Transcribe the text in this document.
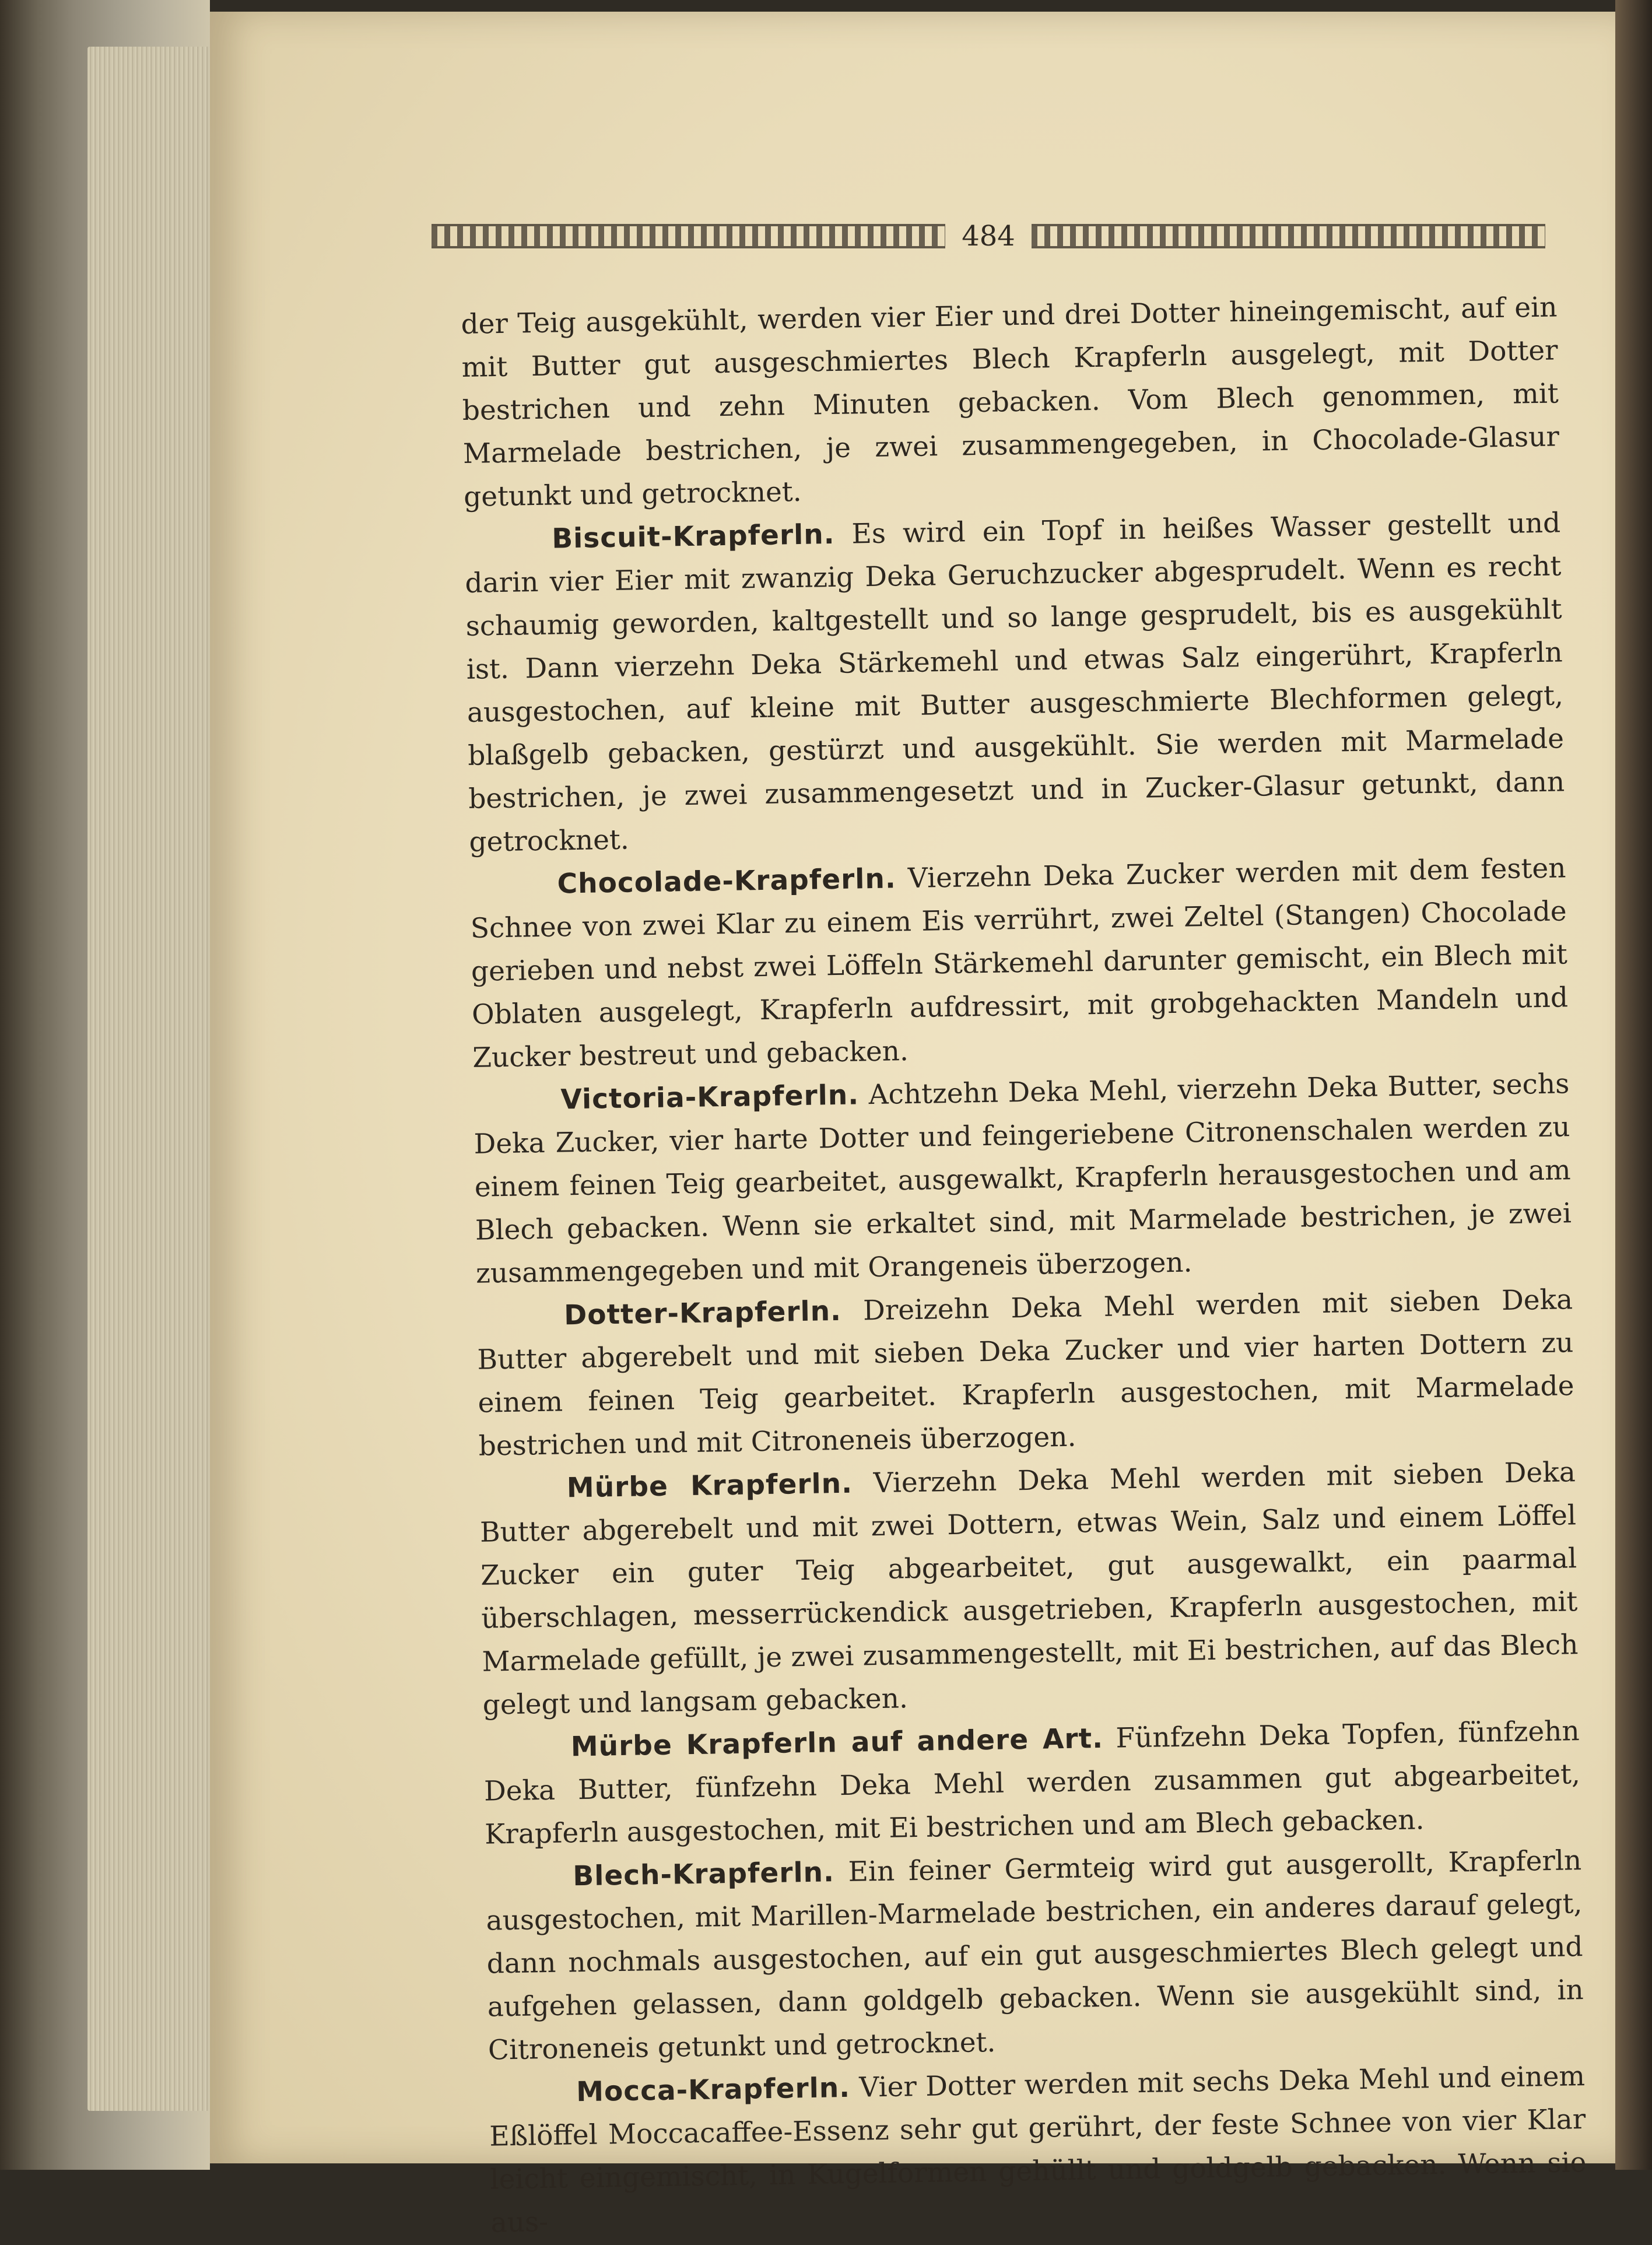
484

der Teig ausgekühlt, werden vier Eier und drei Dotter hineingemischt, auf ein mit Butter gut ausgeschmiertes Blech Krapferln ausgelegt, mit Dotter bestrichen und zehn Minuten gebacken. Vom Blech genommen, mit Marmelade bestrichen, je zwei zusammengegeben, in Chocolade-Glasur getunkt und getrocknet.

Biscuit-Krapferln. Es wird ein Topf in heißes Wasser gestellt und darin vier Eier mit zwanzig Deka Geruchzucker abgesprudelt. Wenn es recht schaumig geworden, kaltgestellt und so lange gesprudelt, bis es ausgekühlt ist. Dann vierzehn Deka Stärkemehl und etwas Salz eingerührt, Krapferln ausgestochen, auf kleine mit Butter ausgeschmierte Blechformen gelegt, blaßgelb gebacken, gestürzt und ausgekühlt. Sie werden mit Marmelade bestrichen, je zwei zusammengesetzt und in Zucker-Glasur getunkt, dann getrocknet.

Chocolade-Krapferln. Vierzehn Deka Zucker werden mit dem festen Schnee von zwei Klar zu einem Eis verrührt, zwei Zeltel (Stangen) Chocolade gerieben und nebst zwei Löffeln Stärkemehl darunter gemischt, ein Blech mit Oblaten ausgelegt, Krapferln aufdressirt, mit grobgehackten Mandeln und Zucker bestreut und gebacken.

Victoria-Krapferln. Achtzehn Deka Mehl, vierzehn Deka Butter, sechs Deka Zucker, vier harte Dotter und feingeriebene Citronenschalen werden zu einem feinen Teig gearbeitet, ausgewalkt, Krapferln herausgestochen und am Blech gebacken. Wenn sie erkaltet sind, mit Marmelade bestrichen, je zwei zusammengegeben und mit Orangeneis überzogen.

Dotter-Krapferln. Dreizehn Deka Mehl werden mit sieben Deka Butter abgerebelt und mit sieben Deka Zucker und vier harten Dottern zu einem feinen Teig gearbeitet. Krapferln ausgestochen, mit Marmelade bestrichen und mit Citroneneis überzogen.

Mürbe Krapferln. Vierzehn Deka Mehl werden mit sieben Deka Butter abgerebelt und mit zwei Dottern, etwas Wein, Salz und einem Löffel Zucker ein guter Teig abgearbeitet, gut ausgewalkt, ein paarmal überschlagen, messerrückendick ausgetrieben, Krapferln ausgestochen, mit Marmelade gefüllt, je zwei zusammengestellt, mit Ei bestrichen, auf das Blech gelegt und langsam gebacken.

Mürbe Krapferln auf andere Art. Fünfzehn Deka Topfen, fünfzehn Deka Butter, fünfzehn Deka Mehl werden zusammen gut abgearbeitet, Krapferln ausgestochen, mit Ei bestrichen und am Blech gebacken.

Blech-Krapferln. Ein feiner Germteig wird gut ausgerollt, Krapferln ausgestochen, mit Marillen-Marmelade bestrichen, ein anderes darauf gelegt, dann nochmals ausgestochen, auf ein gut ausgeschmiertes Blech gelegt und aufgehen gelassen, dann goldgelb gebacken. Wenn sie ausgekühlt sind, in Citroneneis getunkt und getrocknet.

Mocca-Krapferln. Vier Dotter werden mit sechs Deka Mehl und einem Eßlöffel Moccacaffee-Essenz sehr gut gerührt, der feste Schnee von vier Klar leicht eingemischt, in Kugelformen gehüllt und goldgelb gebacken. Wenn sie aus-
